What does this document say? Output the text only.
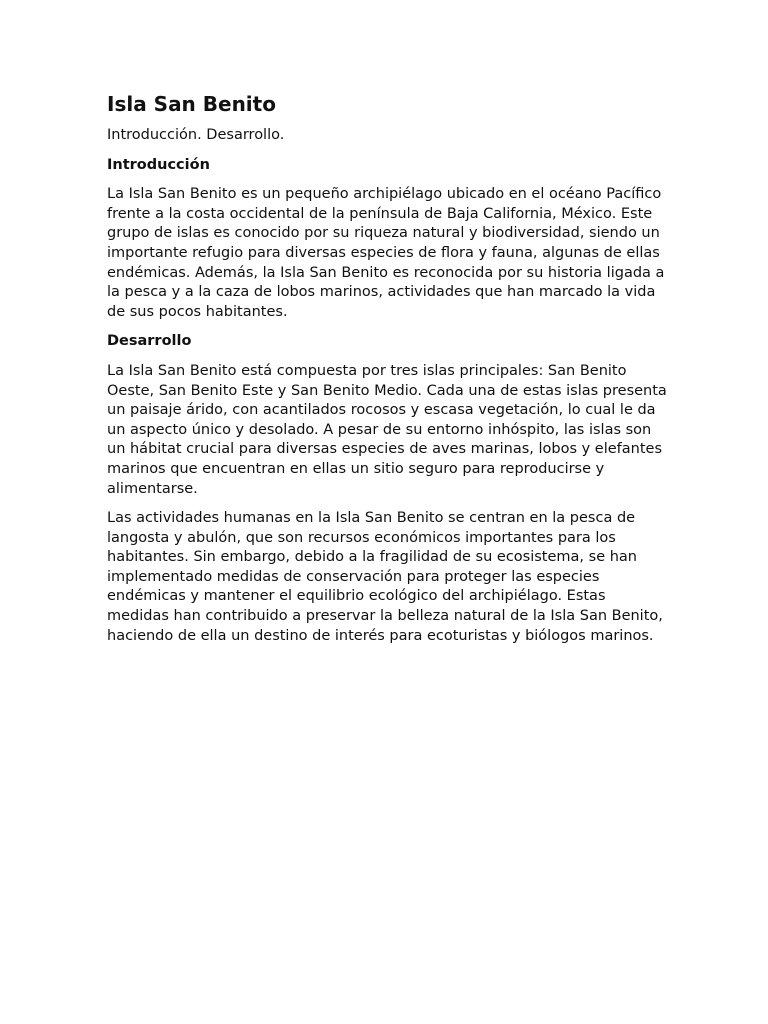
Isla San Benito

Introducción. Desarrollo.

Introducción

La Isla San Benito es un pequeño archipiélago ubicado en el océano Pacífico frente a la costa occidental de la península de Baja California, México. Este grupo de islas es conocido por su riqueza natural y biodiversidad, siendo un importante refugio para diversas especies de flora y fauna, algunas de ellas endémicas. Además, la Isla San Benito es reconocida por su historia ligada a la pesca y a la caza de lobos marinos, actividades que han marcado la vida de sus pocos habitantes.

Desarrollo

La Isla San Benito está compuesta por tres islas principales: San Benito Oeste, San Benito Este y San Benito Medio. Cada una de estas islas presenta un paisaje árido, con acantilados rocosos y escasa vegetación, lo cual le da un aspecto único y desolado. A pesar de su entorno inhóspito, las islas son un hábitat crucial para diversas especies de aves marinas, lobos y elefantes marinos que encuentran en ellas un sitio seguro para reproducirse y alimentarse.

Las actividades humanas en la Isla San Benito se centran en la pesca de langosta y abulón, que son recursos económicos importantes para los habitantes. Sin embargo, debido a la fragilidad de su ecosistema, se han implementado medidas de conservación para proteger las especies endémicas y mantener el equilibrio ecológico del archipiélago. Estas medidas han contribuido a preservar la belleza natural de la Isla San Benito, haciendo de ella un destino de interés para ecoturistas y biólogos marinos.
